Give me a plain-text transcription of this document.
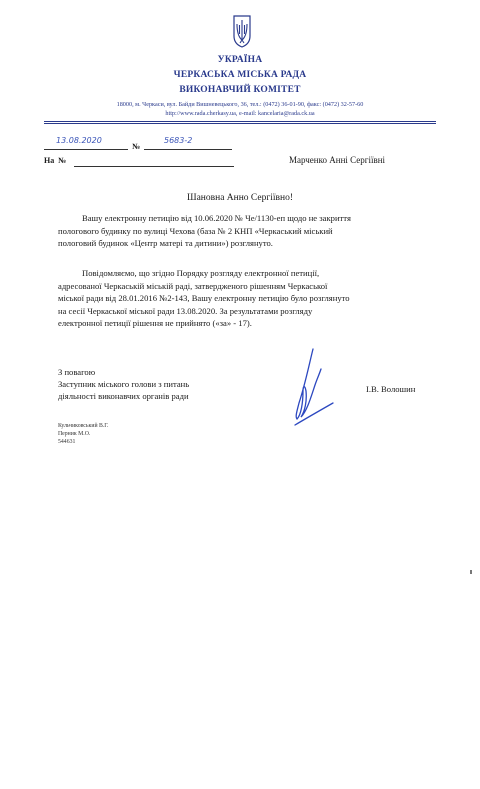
УКРАЇНА
ЧЕРКАСЬКА МІСЬКА РАДА
ВИКОНАВЧИЙ КОМІТЕТ
18000, м. Черкаси, вул. Байди Вишневецького, 36, тел.: (0472) 36-01-90, факс: (0472) 32-57-60
http://www.rada.cherkasy.ua, e-mail: kancelaria@rada.ck.ua
13.08.2020
№
5683-2
На №	Марченко Анні Сергіївні
Шановна Анно Сергіївно!
Вашу електронну петицію від 10.06.2020 № Че/1130-еп щодо не закриття
пологового будинку по вулиці Чехова (база № 2 КНП «Черкаський міський
пологовий будинок «Центр матері та дитини») розглянуто.
Повідомляємо, що згідно Порядку розгляду електронної петиції,
адресованої Черкаській міській раді, затвердженого рішенням Черкаської
міської ради від 28.01.2016 №2-143, Вашу електронну петицію було розглянуто
на сесії Черкаської міської ради 13.08.2020. За результатами розгляду
електронної петиції рішення не прийнято («за» - 17).
З повагою
Заступник міського голови з питань
діяльності виконавчих органів ради
І.В. Волошин
Кульчиковський В.Г.
Перник М.О.
544631
